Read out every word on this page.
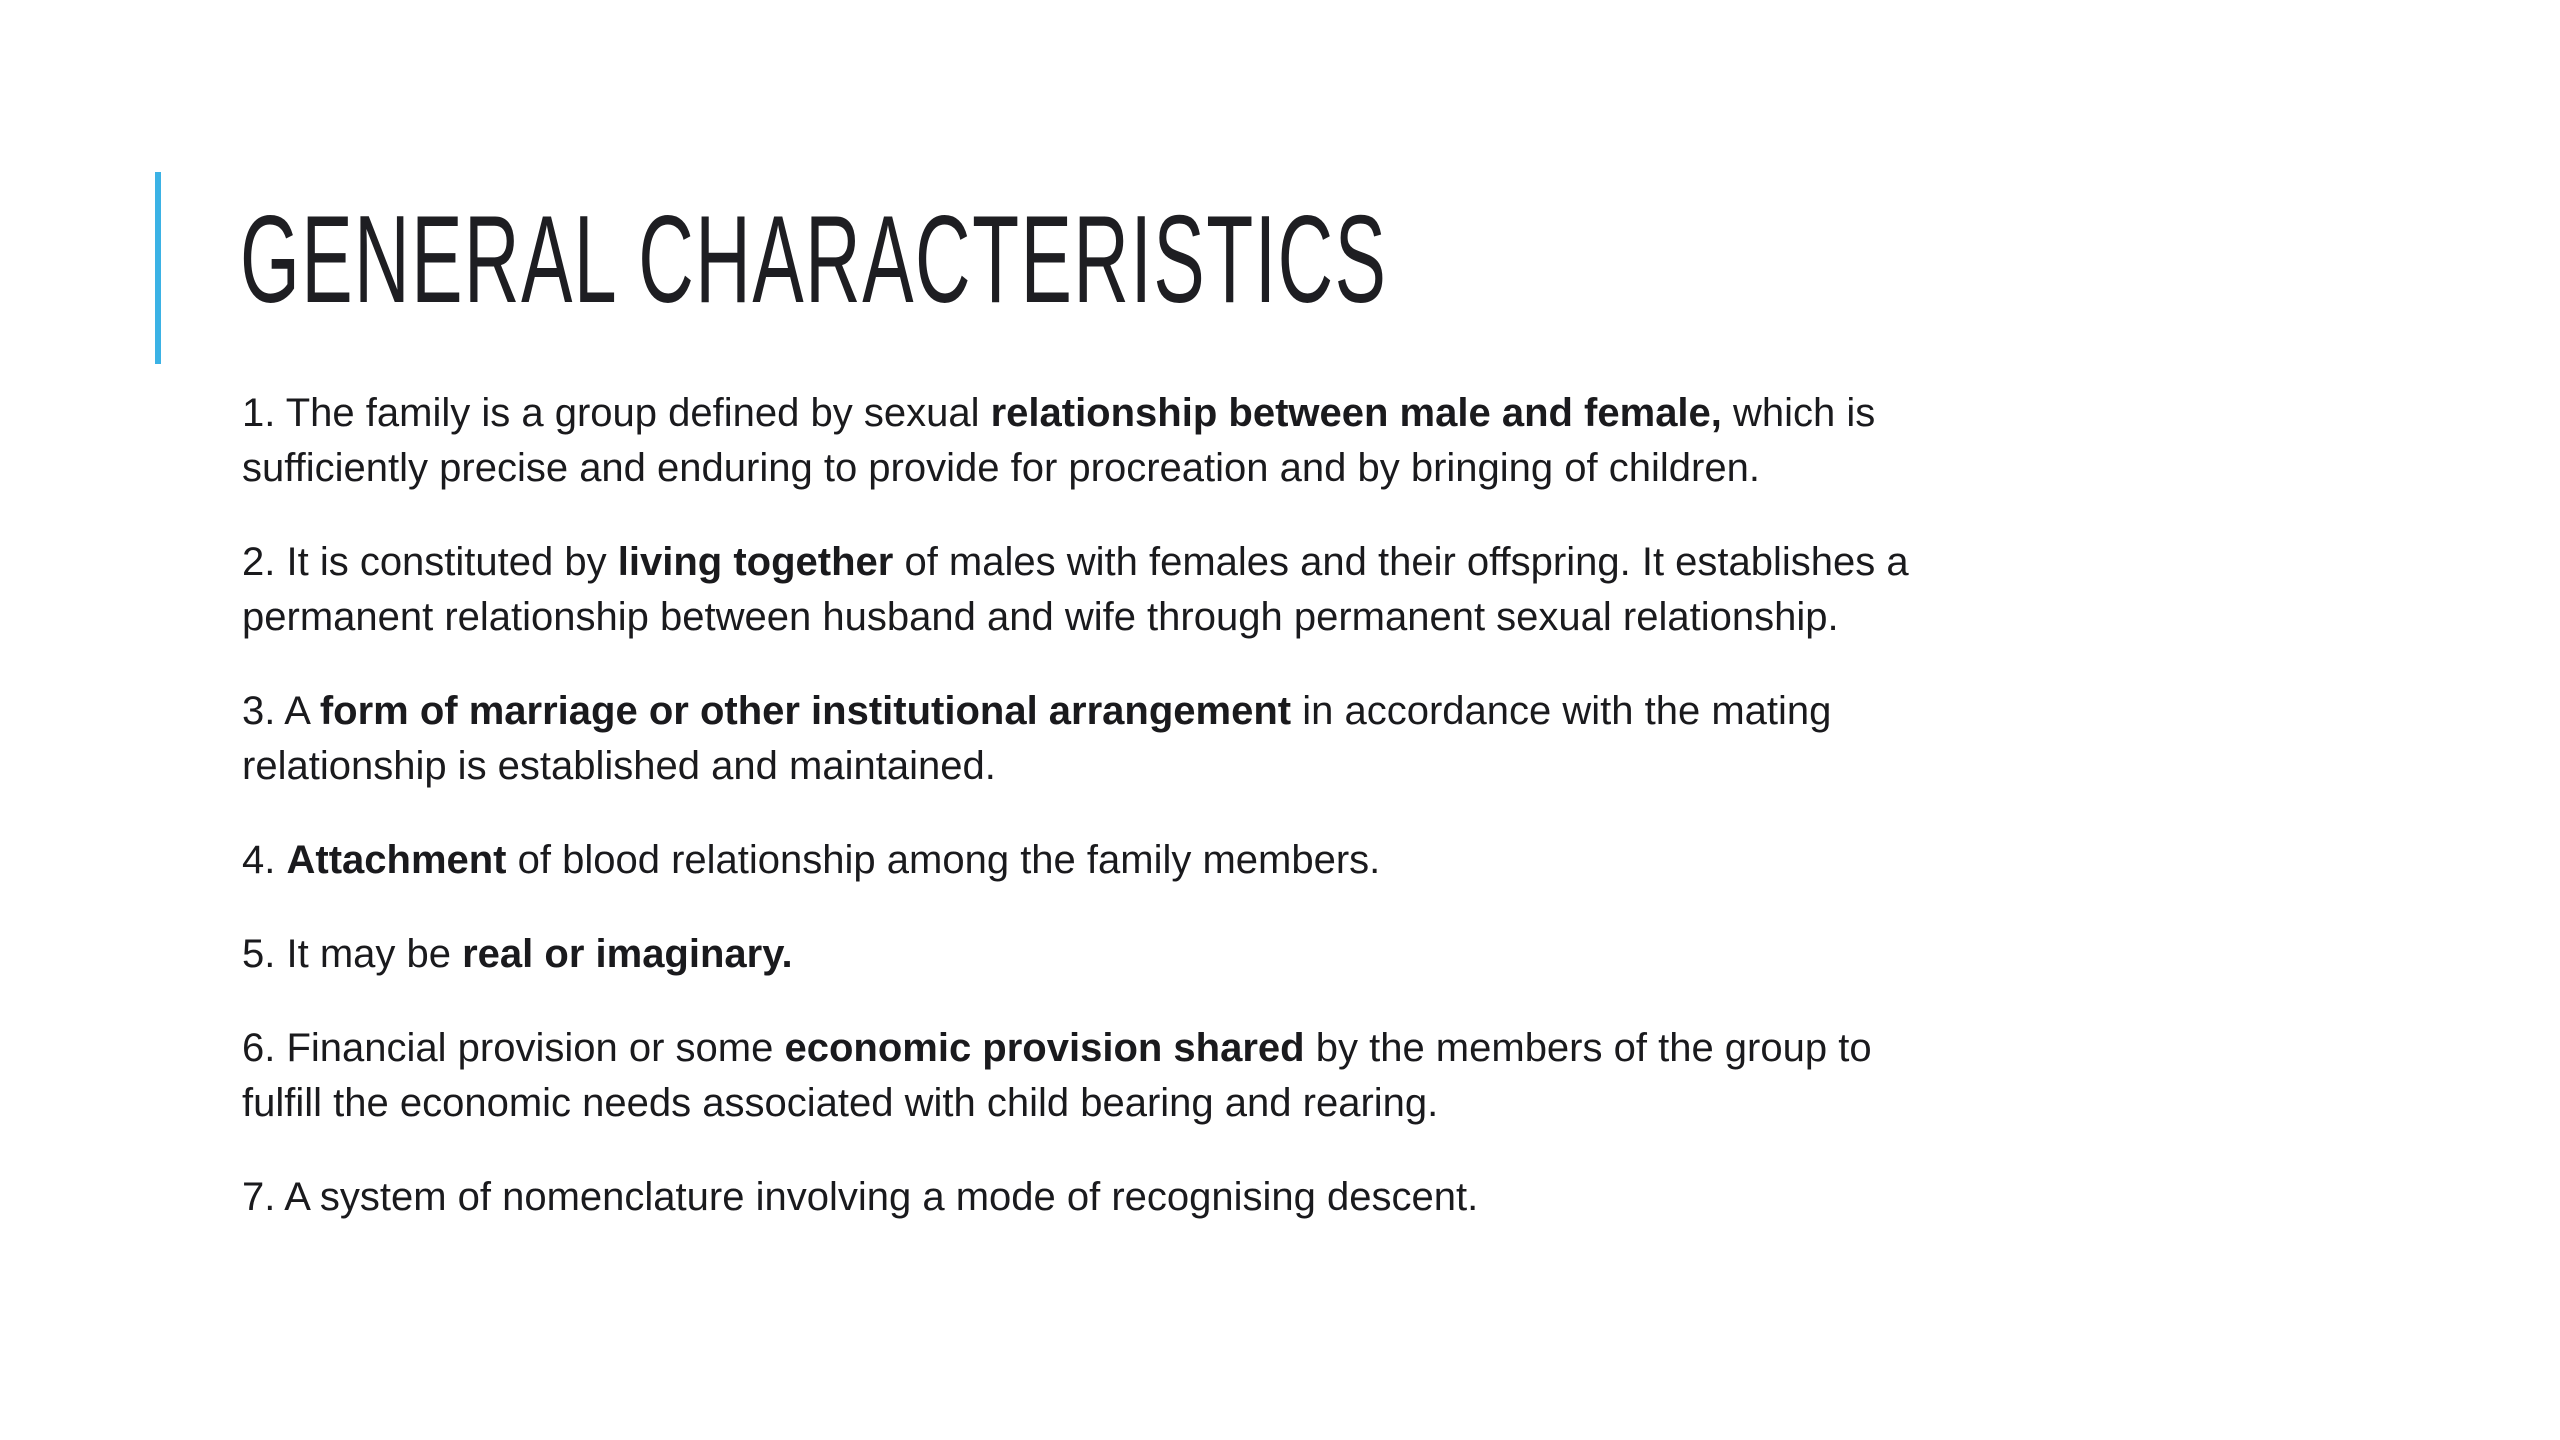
GENERAL CHARACTERISTICS
1. The family is a group defined by sexual relationship between male and female, which is
sufficiently precise and enduring to provide for procreation and by bringing of children.
2. It is constituted by living together of males with females and their offspring. It establishes a
permanent relationship between husband and wife through permanent sexual relationship.
3. A form of marriage or other institutional arrangement in accordance with the mating
relationship is established and maintained.
4. Attachment of blood relationship among the family members.
5. It may be real or imaginary.
6. Financial provision or some economic provision shared by the members of the group to
fulfill the economic needs associated with child bearing and rearing.
7. A system of nomenclature involving a mode of recognising descent.
